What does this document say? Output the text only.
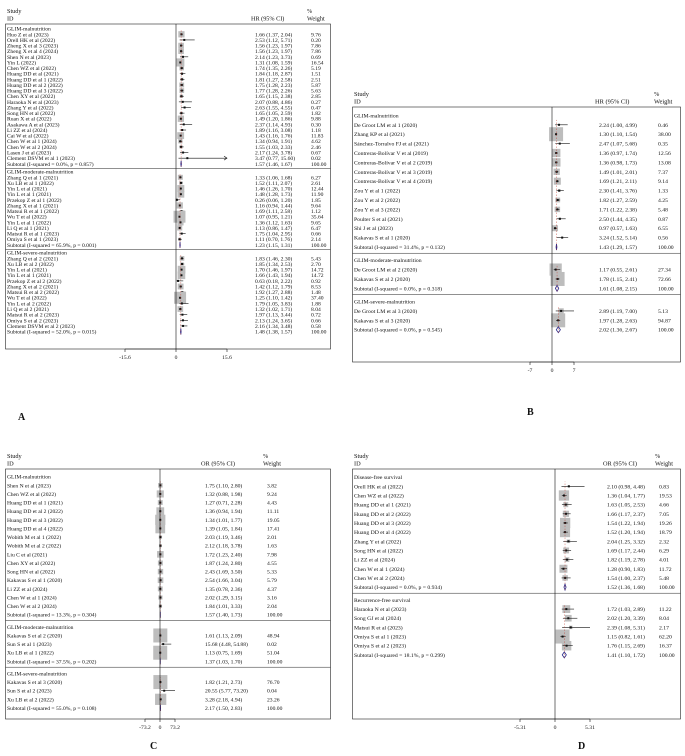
Study
ID	HR (95% CI)
%
Weight
GLIM-malnutrition
Huo Z et al (2023)	1.66 (1.37, 2.04)	9.76
Orell HK et al (2022)	2.53 (1.12, 5.71)	0.20
Zheng X et al 3 (2023)	1.56 (1.23, 1.97)	7.86
Zheng X et al 4 (2024)	1.56 (1.23, 1.97)	7.86
Shen N et al (2023)	2.14 (1.23, 3.73)	0.69
Yin L (2022)	1.31 (1.08, 1.59)	16.54
Chen WZ et al (2022)	1.74 (1.35, 2.26)	5.19
Huang DD et al (2021)	1.84 (1.18, 2.87)	1.51
Huang DD et al 1 (2022)	1.81 (1.27, 2.58)	2.51
Huang DD et al 2 (2022)	1.75 (1.28, 2.23)	5.87
Huang DD et al 3 (2022)	1.77 (1.28, 2.26)	5.63
Chen XY et al (2022)	1.65 (1.15, 2.38)	2.85
Haraoka N et al (2023)	2.07 (0.88, 4.86)	0.27
Zhang Y et al (2022)	2.63 (1.55, 4.55)	0.47
Song HN et al (2022)	1.65 (1.05, 2.59)	1.82
Ruan X et al (2022)	1.49 (1.20, 1.86)	9.88
Asakawa A et al (2023)	2.37 (1.14, 4.93)	0.30
Li ZZ et al (2024)	1.89 (1.16, 3.08)	1.18
Cai W et al (2022)	1.43 (1.16, 1.76)	11.83
Chen W et al 1 (2024)	1.34 (0.94, 1.91)	4.62
Chen W et al 2 (2024)	1.55 (1.03, 2.33)	2.46
Lasen J et al (2023)	2.17 (1.24, 3.78)	0.67
Clement DSVM et al 1 (2023)	3.47 (0.77, 15.60)	0.02
Subtotal (I-squared = 0.0%, p = 0.857)	1.57 (1.46, 1.67)	100.00
GLIM-moderate-malnutrition
Zhang Q et al 1 (2021)	1.33 (1.06, 1.68)	6.27
Xu LB et al 1 (2022)	1.52 (1.11, 2.07)	2.61
Yin L et al (2021)	1.46 (1.26, 1.70)	12.44
Yin L et al 1 (2021)	1.48 (1.28, 1.73)	11.90
Przekop Z et al 1 (2022)	0.26 (0.06, 1.20)	1.85
Zhang X et al 1 (2021)	1.16 (0.94, 1.44)	9.64
Matsui R et al 1 (2022)	1.69 (1.11, 2.58)	1.12
Wu T et al (2022)	1.07 (0.95, 1.21)	35.64
Yin L et al 1 (2022)	1.36 (1.12, 1.63)	9.65
Li Q et al 1 (2021)	1.13 (0.86, 1.47)	6.47
Matsui R et al 1 (2023)	1.75 (1.04, 2.95)	0.66
Omiya S et al 1 (2023)	1.11 (0.70, 1.76)	2.14
Subtotal (I-squared = 65.9%, p = 0.001)	1.23 (1.15, 1.31)	100.00
GLIM-severe-malnutrition
Zhang Q et al 2 (2021)	1.83 (1.46, 2.30)	5.43
Xu LB et al 2 (2022)	1.85 (1.34, 2.53)	2.70
Yin L et al (2021)	1.70 (1.46, 1.97)	14.72
Yin L et al 1 (2021)	1.66 (1.43, 1.94)	14.72
Przekop Z et al 2 (2022)	0.63 (0.18, 2.22)	0.92
Zhang X et al 2 (2021)	1.42 (1.12, 1.79)	8.53
Matsui R et al 2 (2022)	1.92 (1.27, 2.88)	1.48
Wu T et al (2022)	1.25 (1.10, 1.42)	37.40
Yin L et al 2 (2022)	1.79 (1.05, 3.83)	1.88
Li Q et al 2 (2021)	1.32 (1.02, 1.71)	8.04
Matsui R et al 2 (2023)	1.97 (1.13, 3.44)	0.72
Omiya S et al 2 (2023)	2.13 (1.24, 3.65)	0.66
Clement DSVM et al 2 (2023)	2.16 (1.34, 3.48)	0.58
Subtotal (I-squared = 52.0%, p = 0.015)	1.48 (1.38, 1.57)	100.00
-15.6	0	15.6
A
Study
ID	HR (95% CI)
%
Weight
GLIM-malnutrition
De Groot LM et al 1 (2020)	2.24 (1.00, 4.99)	0.46
Zhang KP et al (2021)	1.30 (1.10, 1.54)	38.00
Sánchez-Torralvo FJ et al (2021)	2.47 (1.07, 5.68)	0.35
Contreras-Bolívar V et al (2019)	1.36 (0.97, 1.74)	12.56
Contreras-Bolívar V et al 2 (2019)	1.36 (0.98, 1.73)	13.08
Contreras-Bolívar V et al 3 (2019)	1.49 (1.01, 2.01)	7.37
Contreras-Bolívar V et al 4 (2019)	1.69 (1.21, 2.11)	9.14
Zou Y et al 1 (2022)	2.30 (1.41, 3.76)	1.33
Zou Y et al 2 (2022)	1.82 (1.27, 2.59)	4.25
Zou Y et al 3 (2022)	1.71 (1.22, 2.38)	5.48
Poulter S et al (2021)	2.50 (1.44, 4.35)	0.87
Shi J et al (2023)	0.97 (0.57, 1.63)	6.55
Kakavas S et al 1 (2020)	3.24 (1.52, 5.14)	0.56
Subtotal (I-squared = 31.4%, p = 0.132)	1.43 (1.29, 1.57)	100.00
GLIM-moderate-malnutrition
De Groot LM et al 2 (2020)	1.17 (0.55, 2.61)	27.34
Kakavas S et al 2 (2020)	1.78 (1.15, 2.41)	72.66
Subtotal (I-squared = 0.0%, p = 0.318)	1.61 (1.08, 2.15)	100.00
GLIM-severe-malnutrition
De Groot LM et al 3 (2020)	2.89 (1.19, 7.00)	5.13
Kakavas S et al 3 (2020)	1.97 (1.28, 2.63)	94.87
Subtotal (I-squared = 0.0%, p = 0.545)	2.02 (1.36, 2.67)	100.00
-7	0	7
B
Study
ID	OR (95% CI)
%
Weight
GLIM-malnutrition
Shen N et al (2023)	1.75 (1.10, 2.80)	3.82
Chen WZ et al (2022)	1.32 (0.88, 1.98)	9.24
Huang DD et al 1 (2021)	1.27 (0.71, 2.28)	4.43
Huang DD et al 2 (2022)	1.36 (0.94, 1.94)	11.11
Huang DD et al 3 (2022)	1.34 (1.01, 1.77)	19.05
Huang DD et al 4 (2022)	1.39 (1.05, 1.84)	17.41
Wobith M et al 1 (2022)	2.03 (1.19, 3.46)	2.01
Wobith M et al 2 (2022)	2.12 (1.18, 3.78)	1.63
Liu C et al (2021)	1.72 (1.23, 2.40)	7.98
Chen XY et al (2022)	1.87 (1.24, 2.80)	4.55
Song HN et al (2022)	2.43 (1.69, 3.50)	5.33
Kakavas S et al 1 (2020)	2.54 (1.66, 3.04)	5.79
Li ZZ et al (2024)	1.35 (0.78, 2.36)	4.37
Chen W et al 1 (2024)	2.02 (1.29, 3.15)	3.16
Chen W et al 2 (2024)	1.84 (1.01, 3.33)	2.04
Subtotal (I-squared = 13.3%, p = 0.304)	1.57 (1.40, 1.73)	100.00
GLIM-moderate-malnutrition
Kakavas S et al 2 (2020)	1.61 (1.13, 2.09)	48.94
Sun S et al 1 (2023)	15.68 (4.48, 54.88)	0.02
Xu LB et al 1 (2022)	1.13 (0.75, 1.69)	51.04
Subtotal (I-squared = 37.5%, p = 0.202)	1.37 (1.03, 1.70)	100.00
GLIM-severe-malnutrition
Kakavas S et al 3 (2020)	1.82 (1.21, 2.73)	76.70
Sun S et al 2 (2023)	20.55 (5.77, 73.20)	0.04
Xu LB et al 2 (2022)	3.28 (2.18, 4.94)	23.26
Subtotal (I-squared = 55.0%, p = 0.108)	2.17 (1.50, 2.83)	100.00
-73.2 0 73.2
C
Study
ID	OR (95% CI)
%
Weight
Disease-free survival
Orell HK et al (2022)	2.10 (0.98, 4.48) 0.83
Chen WZ et al (2022)	1.36 (1.04, 1.77) 19.53
Huang DD et al 1 (2021)	1.63 (1.05, 2.53) 4.66
Huang DD et al 2 (2022)	1.66 (1.17, 2.37) 7.05
Huang DD et al 3 (2022)	1.54 (1.22, 1.94) 19.26
Huang DD et al 4 (2022)	1.52 (1.20, 1.94) 18.79
Zhang Y et al (2022)	2.04 (1.25, 3.32) 2.32
Song HN et al (2022)	1.69 (1.17, 2.44) 6.29
Li ZZ et al (2024)	1.82 (1.19, 2.78) 4.01
Chen W et al 1 (2024)	1.28 (0.90, 1.83) 11.72
Chen W et al 2 (2024)	1.54 (1.00, 2.37) 5.48
Subtotal (I-squared = 0.0%, p = 0.934)	1.52 (1.36, 1.68) 100.00
Recurrence-free survival
Haraoka N et al (2023)	1.72 (1.03, 2.89) 11.22
Song GJ et al (2024)	2.02 (1.20, 3.39) 8.04
Matsui R et al (2023)	2.39 (1.08, 5.31) 2.17
Omiya S et al 1 (2023)	1.15 (0.82, 1.61) 62.20
Omiya S et al 2 (2023)	1.76 (1.15, 2.69) 16.37
Subtotal (I-squared = 18.1%, p = 0.299)	1.41 (1.10, 1.72) 100.00
-5.31	0	5.31
D
